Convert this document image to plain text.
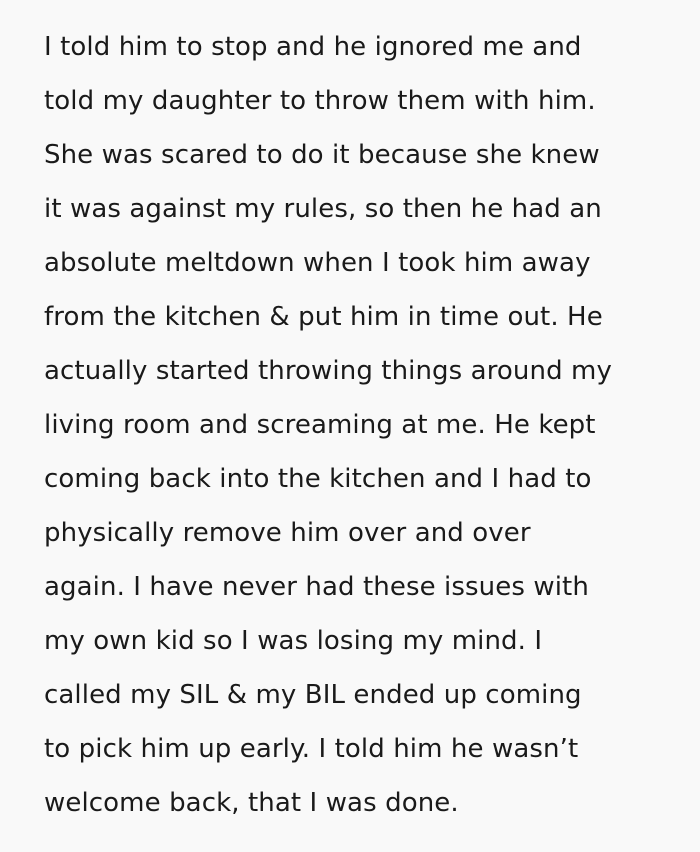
I told him to stop and he ignored me and
told my daughter to throw them with him.
She was scared to do it because she knew
it was against my rules, so then he had an
absolute meltdown when I took him away
from the kitchen & put him in time out. He
actually started throwing things around my
living room and screaming at me. He kept
coming back into the kitchen and I had to
physically remove him over and over
again. I have never had these issues with
my own kid so I was losing my mind. I
called my SIL & my BIL ended up coming
to pick him up early. I told him he wasn’t
welcome back, that I was done.
